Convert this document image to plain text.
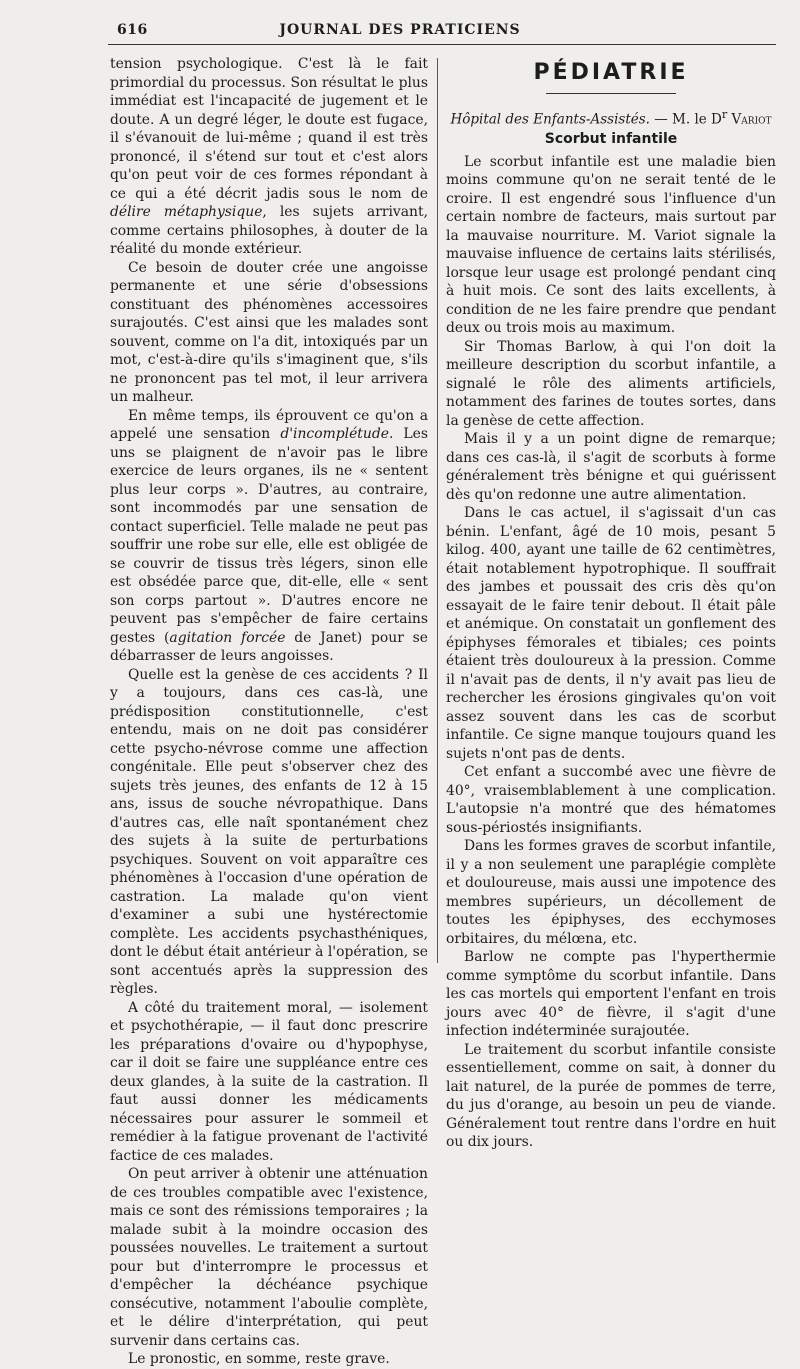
616	JOURNAL DES PRATICIENS

tension psychologique. C'est là le fait primordial du processus. Son résultat le plus immédiat est l'incapacité de jugement et le doute. A un degré léger, le doute est fugace, il s'évanouit de lui-même ; quand il est très prononcé, il s'étend sur tout et c'est alors qu'on peut voir de ces formes répondant à ce qui a été décrit jadis sous le nom de délire métaphysique, les sujets arrivant, comme certains philosophes, à douter de la réalité du monde extérieur.

Ce besoin de douter crée une angoisse permanente et une série d'obsessions constituant des phénomènes accessoires surajoutés. C'est ainsi que les malades sont souvent, comme on l'a dit, intoxiqués par un mot, c'est-à-dire qu'ils s'imaginent que, s'ils ne prononcent pas tel mot, il leur arrivera un malheur.

En même temps, ils éprouvent ce qu'on a appelé une sensation d'incomplétude. Les uns se plaignent de n'avoir pas le libre exercice de leurs organes, ils ne « sentent plus leur corps ». D'autres, au contraire, sont incommodés par une sensation de contact superficiel. Telle malade ne peut pas souffrir une robe sur elle, elle est obligée de se couvrir de tissus très légers, sinon elle est obsédée parce que, dit-elle, elle « sent son corps partout ». D'autres encore ne peuvent pas s'empêcher de faire certains gestes (agitation forcée de Janet) pour se débarrasser de leurs angoisses.

Quelle est la genèse de ces accidents ? Il y a toujours, dans ces cas-là, une prédisposition constitutionnelle, c'est entendu, mais on ne doit pas considérer cette psycho-névrose comme une affection congénitale. Elle peut s'observer chez des sujets très jeunes, des enfants de 12 à 15 ans, issus de souche névropathique. Dans d'autres cas, elle naît spontanément chez des sujets à la suite de perturbations psychiques. Souvent on voit apparaître ces phénomènes à l'occasion d'une opération de castration. La malade qu'on vient d'examiner a subi une hystérectomie complète. Les accidents psychasthéniques, dont le début était antérieur à l'opération, se sont accentués après la suppression des règles.

A côté du traitement moral, — isolement et psychothérapie, — il faut donc prescrire les préparations d'ovaire ou d'hypophyse, car il doit se faire une suppléance entre ces deux glandes, à la suite de la castration. Il faut aussi donner les médicaments nécessaires pour assurer le sommeil et remédier à la fatigue provenant de l'activité factice de ces malades.

On peut arriver à obtenir une atténuation de ces troubles compatible avec l'existence, mais ce sont des rémissions temporaires ; la malade subit à la moindre occasion des poussées nouvelles. Le traitement a surtout pour but d'interrompre le processus et d'empêcher la déchéance psychique consécutive, notamment l'aboulie complète, et le délire d'interprétation, qui peut survenir dans certains cas.

Le pronostic, en somme, reste grave.

PÉDIATRIE
Hôpital des Enfants-Assistés. — M. le $D^r$ Variot
Scorbut infantile

Le scorbut infantile est une maladie bien moins commune qu'on ne serait tenté de le croire. Il est engendré sous l'influence d'un certain nombre de facteurs, mais surtout par la mauvaise nourriture. M. Variot signale la mauvaise influence de certains laits stérilisés, lorsque leur usage est prolongé pendant cinq à huit mois. Ce sont des laits excellents, à condition de ne les faire prendre que pendant deux ou trois mois au maximum.

Sir Thomas Barlow, à qui l'on doit la meilleure description du scorbut infantile, a signalé le rôle des aliments artificiels, notamment des farines de toutes sortes, dans la genèse de cette affection.

Mais il y a un point digne de remarque; dans ces cas-là, il s'agit de scorbuts à forme généralement très bénigne et qui guérissent dès qu'on redonne une autre alimentation.

Dans le cas actuel, il s'agissait d'un cas bénin. L'enfant, âgé de 10 mois, pesant 5 kilog. 400, ayant une taille de 62 centimètres, était notablement hypotrophique. Il souffrait des jambes et poussait des cris dès qu'on essayait de le faire tenir debout. Il était pâle et anémique. On constatait un gonflement des épiphyses fémorales et tibiales; ces points étaient très douloureux à la pression. Comme il n'avait pas de dents, il n'y avait pas lieu de rechercher les érosions gingivales qu'on voit assez souvent dans les cas de scorbut infantile. Ce signe manque toujours quand les sujets n'ont pas de dents.

Cet enfant a succombé avec une fièvre de 40°, vraisemblablement à une complication. L'autopsie n'a montré que des hématomes sous-périostés insignifiants.

Dans les formes graves de scorbut infantile, il y a non seulement une paraplégie complète et douloureuse, mais aussi une impotence des membres supérieurs, un décollement de toutes les épiphyses, des ecchymoses orbitaires, du mélœna, etc.

Barlow ne compte pas l'hyperthermie comme symptôme du scorbut infantile. Dans les cas mortels qui emportent l'enfant en trois jours avec 40° de fièvre, il s'agit d'une infection indéterminée surajoutée.

Le traitement du scorbut infantile consiste essentiellement, comme on sait, à donner du lait naturel, de la purée de pommes de terre, du jus d'orange, au besoin un peu de viande. Généralement tout rentre dans l'ordre en huit ou dix jours.
